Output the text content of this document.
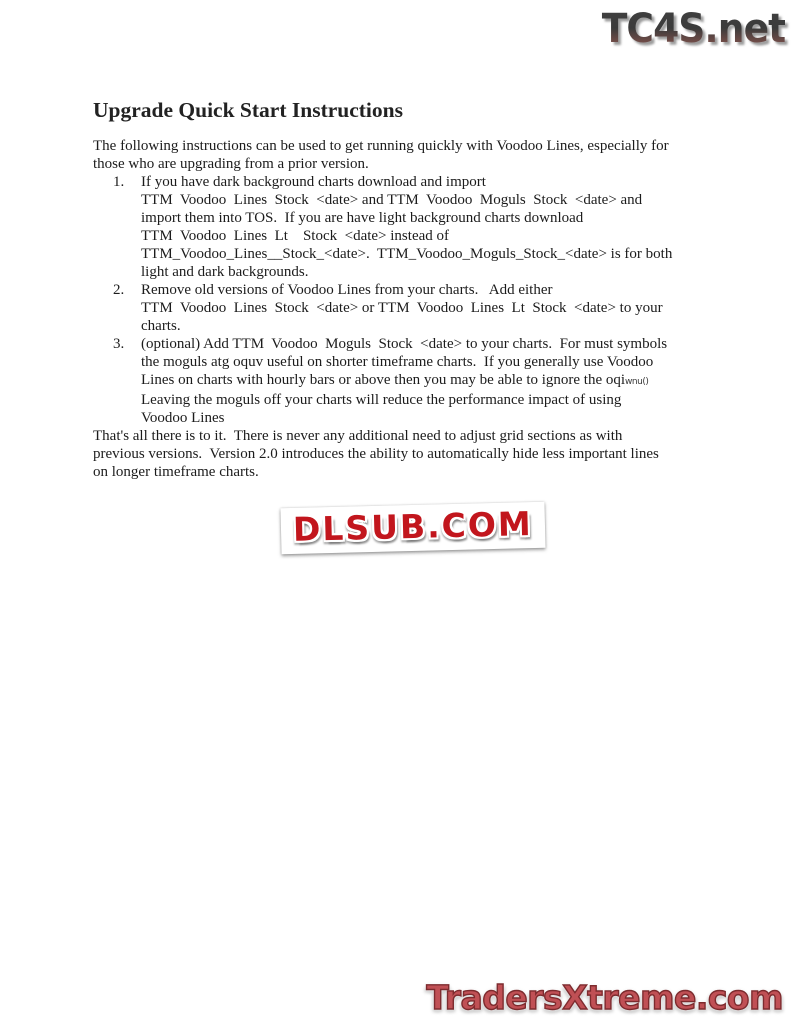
TC4S.net
Upgrade Quick Start Instructions
The following instructions can be used to get running quickly with Voodoo Lines, especially for
those who are upgrading from a prior version.
1.	If you have dark background charts download and import
TTM  Voodoo  Lines  Stock  <date> and TTM  Voodoo  Moguls  Stock  <date> and
import them into TOS.  If you are have light background charts download
TTM  Voodoo  Lines  Lt    Stock  <date> instead of
TTM_Voodoo_Lines__Stock_<date>.  TTM_Voodoo_Moguls_Stock_<date> is for both
light and dark backgrounds.
2.	Remove old versions of Voodoo Lines from your charts.   Add either
TTM  Voodoo  Lines  Stock  <date> or TTM  Voodoo  Lines  Lt  Stock  <date> to your
charts.
3.	(optional) Add TTM  Voodoo  Moguls  Stock  <date> to your charts.  For must symbols
the moguls atg oquv useful on shorter timeframe charts.  If you generally use Voodoo
Lines on charts with hourly bars or above then you may be able to ignore the oqiwnu()
Leaving the moguls off your charts will reduce the performance impact of using
Voodoo Lines
That's all there is to it.  There is never any additional need to adjust grid sections as with
previous versions.  Version 2.0 introduces the ability to automatically hide less important lines
on longer timeframe charts.
DLSUB.COM
TradersXtreme.com
